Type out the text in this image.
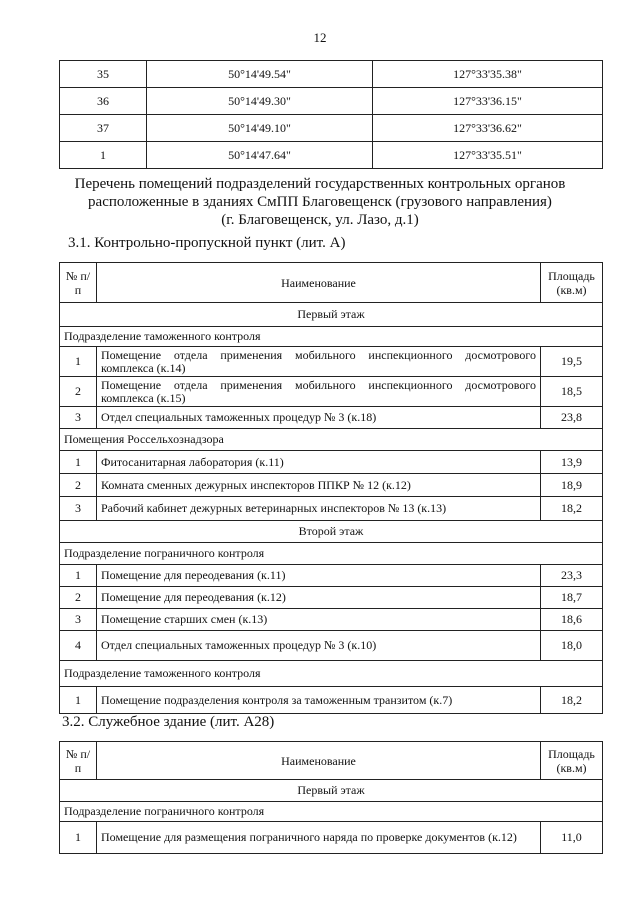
12
35	50°14'49.54"	127°33'35.38"
36	50°14'49.30"	127°33'36.15"
37	50°14'49.10"	127°33'36.62"
1	50°14'47.64"	127°33'35.51"
Перечень помещений подразделений государственных контрольных органов
расположенные в зданиях СмПП Благовещенск (грузового направления)
(г. Благовещенск, ул. Лазо, д.1)
3.1. Контрольно-пропускной пункт (лит. А)
№ п/п	Наименование	Площадь (кв.м)
Первый этаж		
Подразделение таможенного контроля		
1	Помещение отдела применения мобильного инспекционного досмотрового комплекса (к.14)	19,5
2	Помещение отдела применения мобильного инспекционного досмотрового комплекса (к.15)	18,5
3	Отдел специальных таможенных процедур № 3 (к.18)	23,8
Помещения Россельхознадзора		
1	Фитосанитарная лаборатория (к.11)	13,9
2	Комната сменных дежурных инспекторов ППКР № 12 (к.12)	18,9
3	Рабочий кабинет дежурных ветеринарных инспекторов № 13 (к.13)	18,2
Второй этаж		
Подразделение пограничного контроля		
1	Помещение для переодевания (к.11)	23,3
2	Помещение для переодевания (к.12)	18,7
3	Помещение старших смен (к.13)	18,6
4	Отдел специальных таможенных процедур № 3 (к.10)	18,0
Подразделение таможенного контроля		
1	Помещение подразделения контроля за таможенным транзитом (к.7)	18,2
3.2. Служебное здание (лит. А28)
№ п/п	Наименование	Площадь (кв.м)
Первый этаж		
Подразделение пограничного контроля		
1	Помещение для размещения пограничного наряда по проверке документов (к.12)	11,0
